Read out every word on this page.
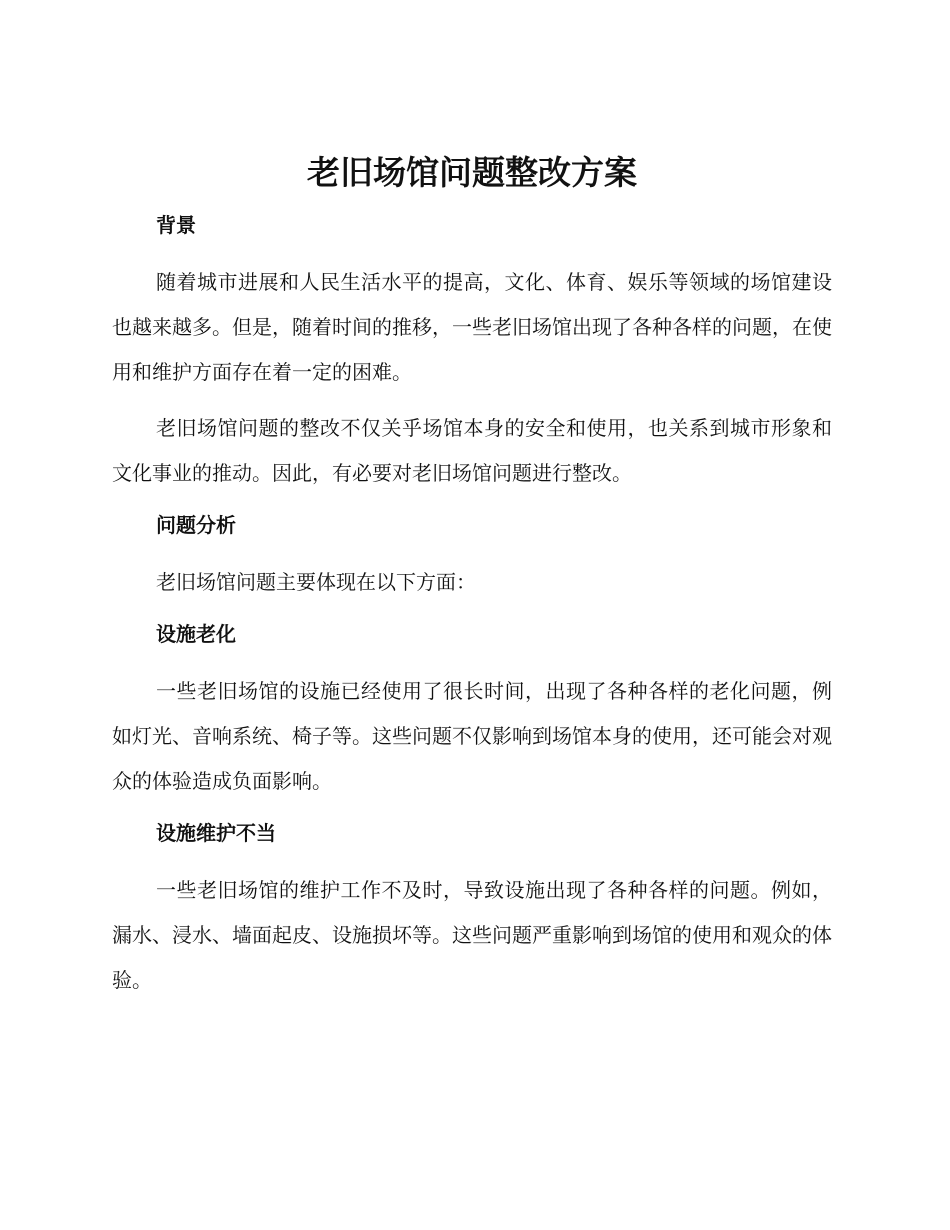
老旧场馆问题整改方案
背景

随着城市进展和人民生活水平的提高，文化、体育、娱乐等领域的场馆建设也越来越多。但是，随着时间的推移，一些老旧场馆出现了各种各样的问题，在使用和维护方面存在着一定的困难。

老旧场馆问题的整改不仅关乎场馆本身的安全和使用，也关系到城市形象和文化事业的推动。因此，有必要对老旧场馆问题进行整改。

问题分析

老旧场馆问题主要体现在以下方面：

设施老化

一些老旧场馆的设施已经使用了很长时间，出现了各种各样的老化问题，例如灯光、音响系统、椅子等。这些问题不仅影响到场馆本身的使用，还可能会对观众的体验造成负面影响。

设施维护不当

一些老旧场馆的维护工作不及时，导致设施出现了各种各样的问题。例如，漏水、浸水、墙面起皮、设施损坏等。这些问题严重影响到场馆的使用和观众的体验。
